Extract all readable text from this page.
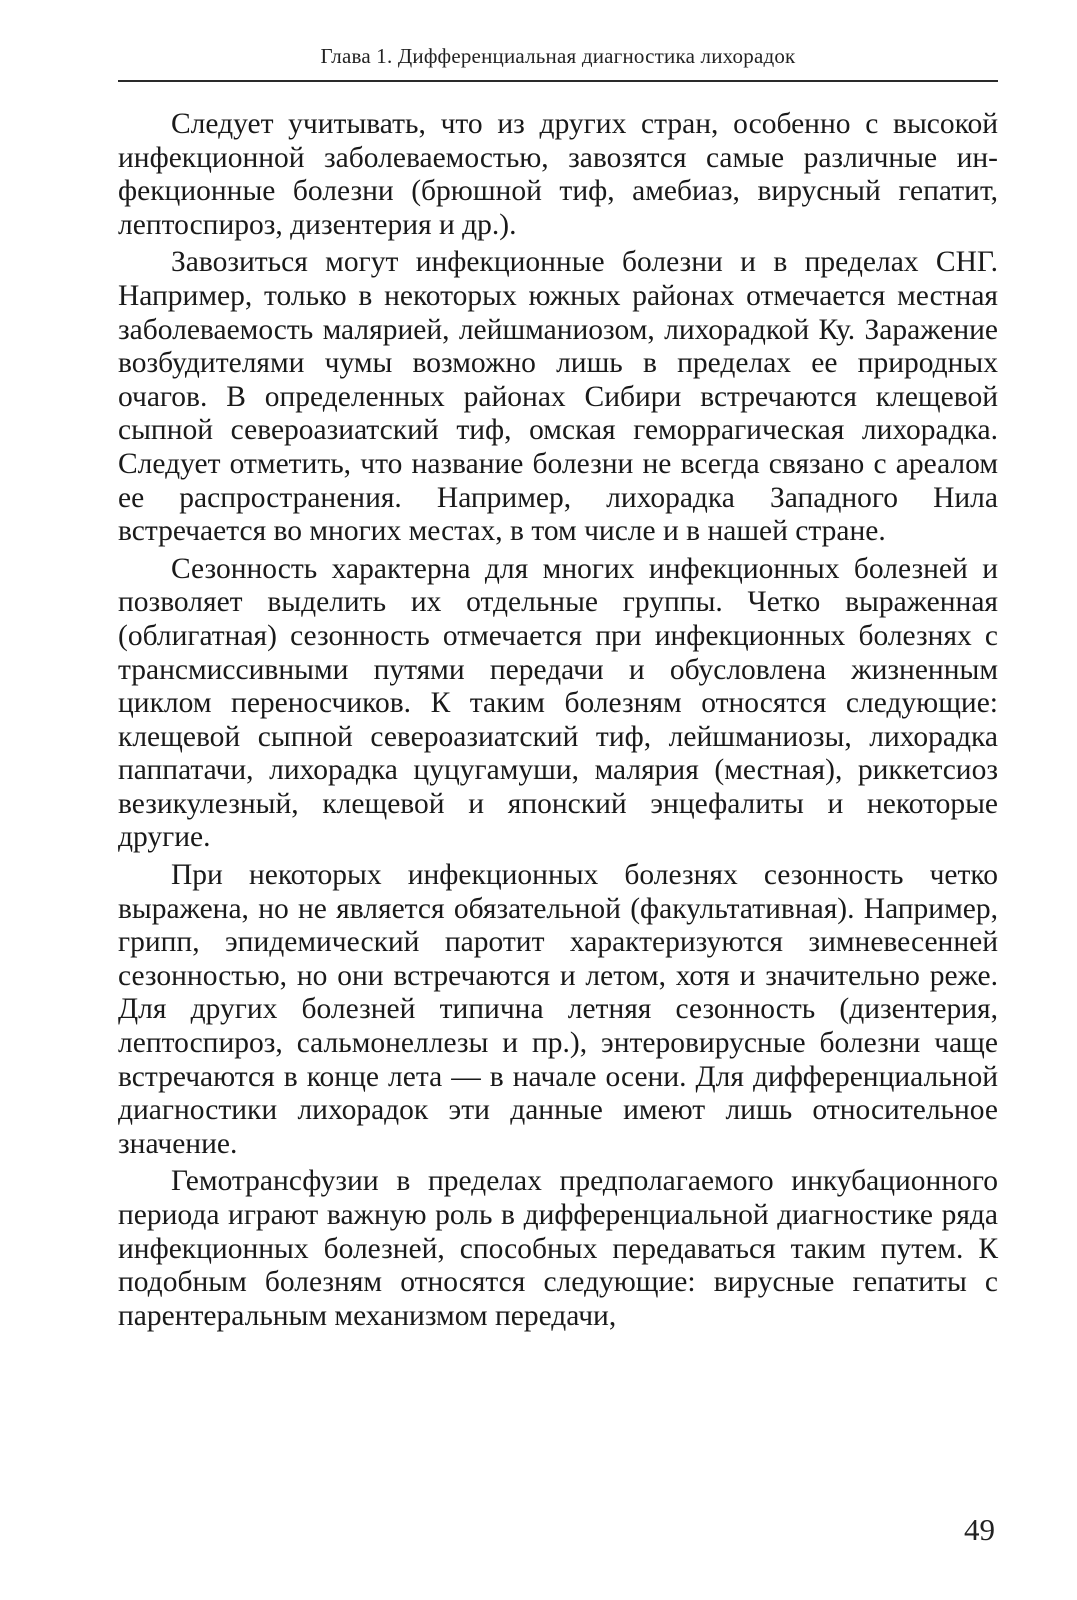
Глава 1. Дифференциальная диагностика лихорадок

Следует учитывать, что из других стран, особенно с высокой инфекционной заболеваемостью, завозятся самые различные инфекционные болезни (брюшной тиф, амебиаз, вирусный гепатит, лептоспироз, дизентерия и др.).

Завозиться могут инфекционные болезни и в пределах СНГ. Например, только в некоторых южных районах отмечается местная заболеваемость малярией, лейшманиозом, лихорадкой Ку. Заражение возбудителями чумы возможно лишь в пределах ее природных очагов. В определенных районах Сибири встречаются клещевой сыпной североазиатский тиф, омская геморрагическая лихорадка. Следует отметить, что название болезни не всегда связано с ареалом ее распространения. Например, лихорадка Западного Нила встречается во многих местах, в том числе и в нашей стране.

Сезонность характерна для многих инфекционных болезней и позволяет выделить их отдельные группы. Четко выраженная (облигатная) сезонность отмечается при инфекционных болезнях с трансмиссивными путями передачи и обусловлена жизненным циклом переносчиков. К таким болезням относятся следующие: клещевой сыпной североазиатский тиф, лейшманиозы, лихорадка паппатачи, лихорадка цуцугамуши, малярия (местная), риккетсиоз везикулезный, клещевой и японский энцефалиты и некоторые другие.

При некоторых инфекционных болезнях сезонность четко выражена, но не является обязательной (факультативная). Например, грипп, эпидемический паротит характеризуются зимневесенней сезонностью, но они встречаются и летом, хотя и значительно реже. Для других болезней типична летняя сезонность (дизентерия, лептоспироз, сальмонеллезы и пр.), энтеровирусные болезни чаще встречаются в конце лета — в начале осени. Для дифференциальной диагностики лихорадок эти данные имеют лишь относительное значение.

Гемотрансфузии в пределах предполагаемого инкубационного периода играют важную роль в дифференциальной диагностике ряда инфекционных болезней, способных передаваться таким путем. К подобным болезням относятся следующие: вирусные гепатиты с парентеральным механизмом передачи,

49
